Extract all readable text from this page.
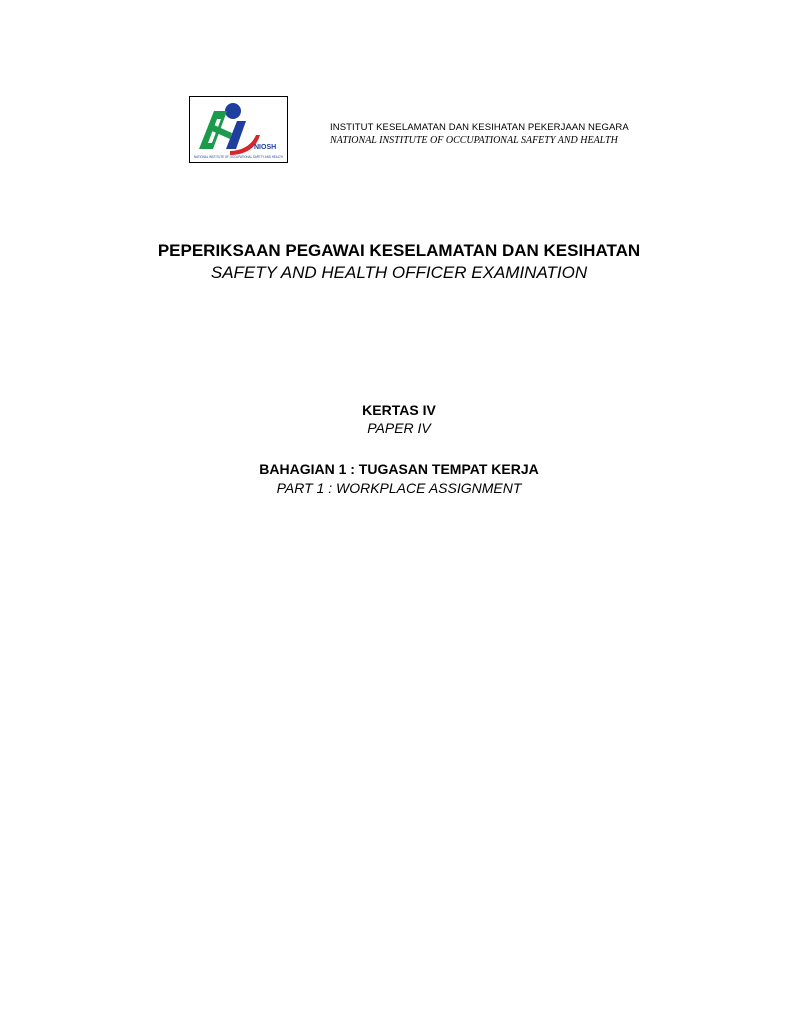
NIOSH
NATIONAL INSTITUTE OF OCCUPATIONAL SAFETY AND HEALTH
INSTITUT KESELAMATAN DAN KESIHATAN PEKERJAAN NEGARA
NATIONAL INSTITUTE OF OCCUPATIONAL SAFETY AND HEALTH
PEPERIKSAAN PEGAWAI KESELAMATAN DAN KESIHATAN
SAFETY AND HEALTH OFFICER EXAMINATION
KERTAS IV
PAPER IV
BAHAGIAN 1 : TUGASAN TEMPAT KERJA
PART 1 : WORKPLACE ASSIGNMENT
